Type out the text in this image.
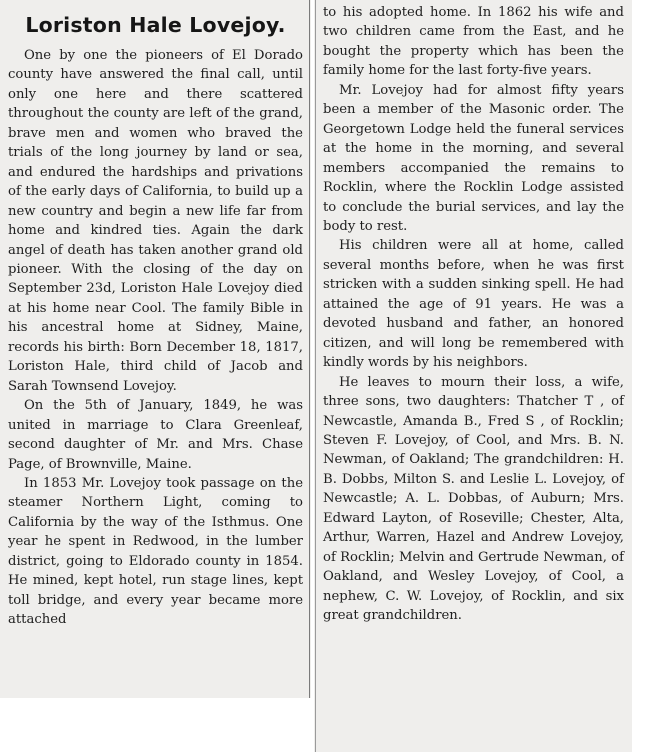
Loriston Hale Lovejoy.

One by one the pioneers of El Dorado county have answered the final call, until only one here and there scattered throughout the county are left of the grand, brave men and women who braved the trials of the long journey by land or sea, and endured the hardships and privations of the early days of California, to build up a new country and begin a new life far from home and kindred ties. Again the dark angel of death has taken another grand old pioneer. With the closing of the day on September 23d, Loriston Hale Lovejoy died at his home near Cool. The family Bible in his ancestral home at Sidney, Maine, records his birth: Born December 18, 1817, Loriston Hale, third child of Jacob and Sarah Townsend Lovejoy.

On the 5th of January, 1849, he was united in marriage to Clara Greenleaf, second daughter of Mr. and Mrs. Chase Page, of Brownville, Maine.

In 1853 Mr. Lovejoy took passage on the steamer Northern Light, coming to California by the way of the Isthmus. One year he spent in Redwood, in the lumber district, going to Eldorado county in 1854. He mined, kept hotel, run stage lines, kept toll bridge, and every year became more attached

to his adopted home. In 1862 his wife and two children came from the East, and he bought the property which has been the family home for the last forty-five years.

Mr. Lovejoy had for almost fifty years been a member of the Masonic order. The Georgetown Lodge held the funeral services at the home in the morning, and several members accompanied the remains to Rocklin, where the Rocklin Lodge assisted to conclude the burial services, and lay the body to rest.

His children were all at home, called several months before, when he was first stricken with a sudden sinking spell. He had attained the age of 91 years. He was a devoted husband and father, an honored citizen, and will long be remembered with kindly words by his neighbors.

He leaves to mourn their loss, a wife, three sons, two daughters: Thatcher T , of Newcastle, Amanda B., Fred S , of Rocklin; Steven F. Lovejoy, of Cool, and Mrs. B. N. Newman, of Oakland; The grandchildren: H. B. Dobbs, Milton S. and Leslie L. Lovejoy, of Newcastle; A. L. Dobbas, of Auburn; Mrs. Edward Layton, of Roseville; Chester, Alta, Arthur, Warren, Hazel and Andrew Lovejoy, of Rocklin; Melvin and Gertrude Newman, of Oakland, and Wesley Lovejoy, of Cool, a nephew, C. W. Lovejoy, of Rocklin, and six great grandchildren.
